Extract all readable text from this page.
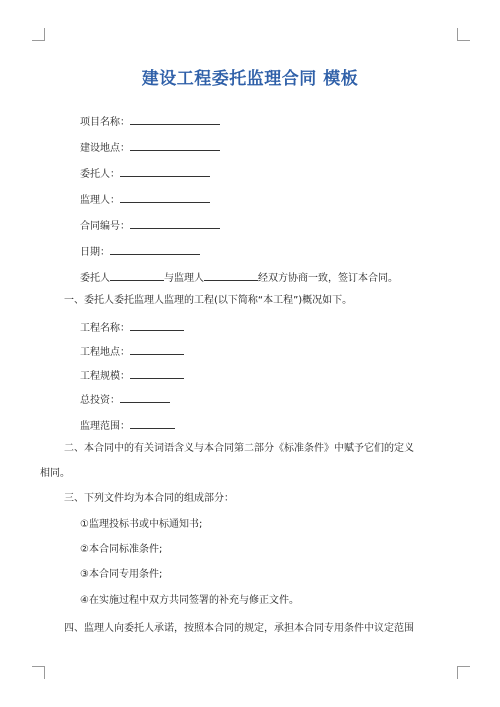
建设工程委托监理合同 模板
项目名称：
建设地点：
委托人：
监理人：
合同编号：
日期：
委托人	与监理人	经双方协商一致，签订本合同。
一、委托人委托监理人监理的工程(以下简称“本工程”)概况如下。
工程名称：
工程地点：
工程规模：
总投资：
监理范围：
二、本合同中的有关词语含义与本合同第二部分《标准条件》中赋予它们的定义
相同。
三、下列文件均为本合同的组成部分：
①监理投标书或中标通知书;
②本合同标准条件;
③本合同专用条件;
④在实施过程中双方共同签署的补充与修正文件。
四、监理人向委托人承诺，按照本合同的规定，承担本合同专用条件中议定范围
